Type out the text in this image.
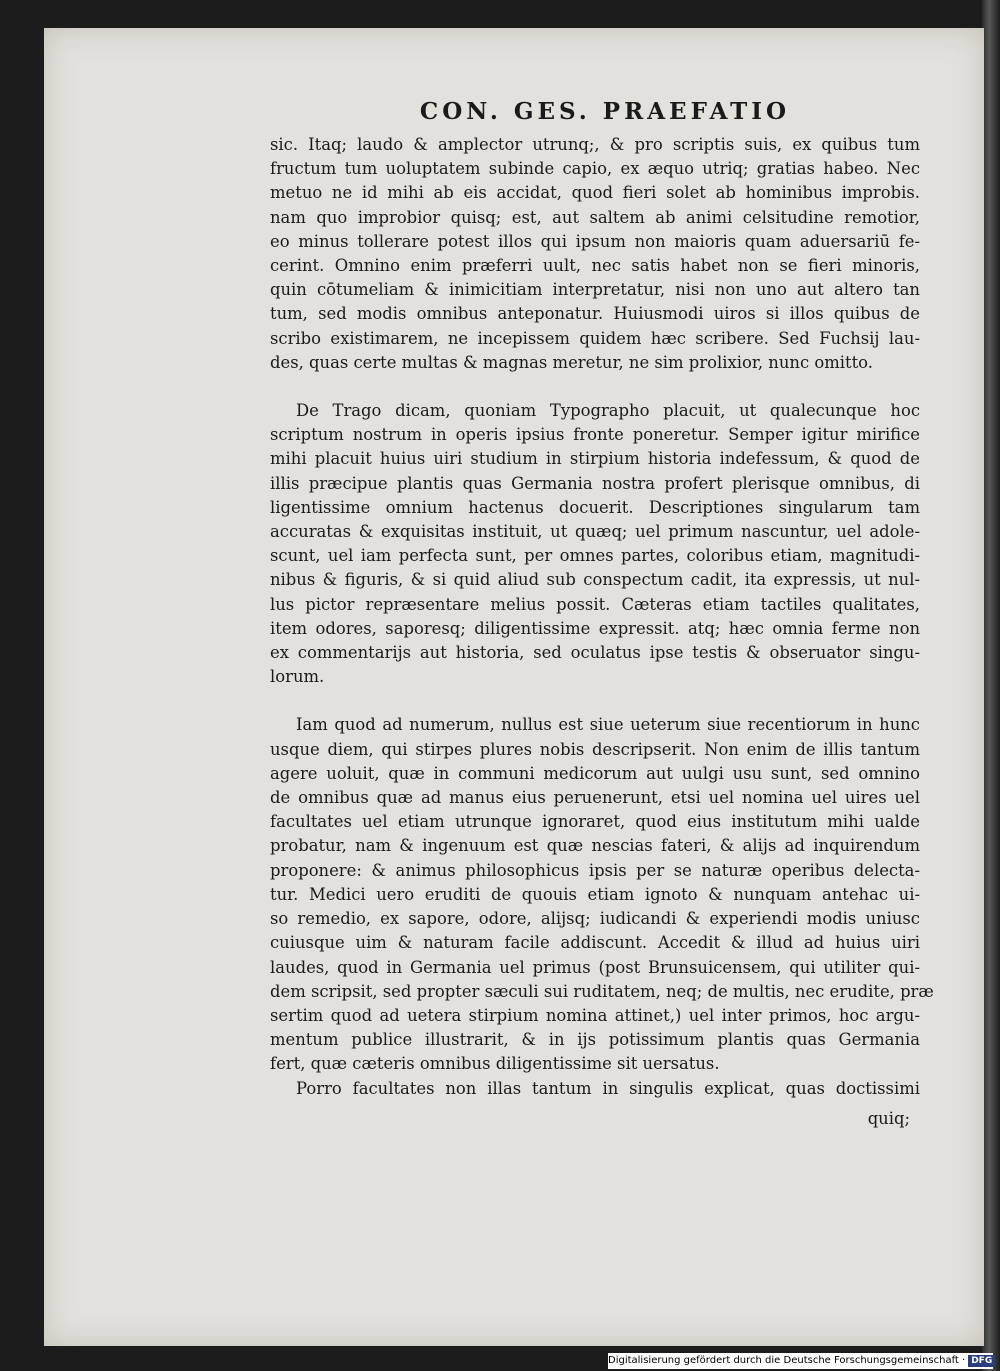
CON. GES. PRAEFATIO
sic. Itaq; laudo & amplector utrunq;, & pro scriptis suis, ex quibus tum
fructum tum uoluptatem subinde capio, ex æquo utriq; gratias habeo. Nec
metuo ne id mihi ab eis accidat, quod fieri solet ab hominibus improbis.
nam quo improbior quisq; est, aut saltem ab animi celsitudine remotior,
eo minus tollerare potest illos qui ipsum non maioris quam aduersariū fe-
cerint. Omnino enim præferri uult, nec satis habet non se fieri minoris,
quin cōtumeliam & inimicitiam interpretatur, nisi non uno aut altero tan
tum, sed modis omnibus anteponatur. Huiusmodi uiros si illos quibus de
scribo existimarem, ne incepissem quidem hæc scribere. Sed Fuchsij lau-
des, quas certe multas & magnas meretur, ne sim prolixior, nunc omitto.
De Trago dicam, quoniam Typographo placuit, ut qualecunque hoc
scriptum nostrum in operis ipsius fronte poneretur. Semper igitur mirifice
mihi placuit huius uiri studium in stirpium historia indefessum, & quod de
illis præcipue plantis quas Germania nostra profert plerisque omnibus, di
ligentissime omnium hactenus docuerit. Descriptiones singularum tam
accuratas & exquisitas instituit, ut quæq; uel primum nascuntur, uel adole-
scunt, uel iam perfecta sunt, per omnes partes, coloribus etiam, magnitudi-
nibus & figuris, & si quid aliud sub conspectum cadit, ita expressis, ut nul-
lus pictor repræsentare melius possit. Cæteras etiam tactiles qualitates,
item odores, saporesq; diligentissime expressit. atq; hæc omnia ferme non
ex commentarijs aut historia, sed oculatus ipse testis & obseruator singu-
lorum.
Iam quod ad numerum, nullus est siue ueterum siue recentiorum in hunc
usque diem, qui stirpes plures nobis descripserit. Non enim de illis tantum
agere uoluit, quæ in communi medicorum aut uulgi usu sunt, sed omnino
de omnibus quæ ad manus eius peruenerunt, etsi uel nomina uel uires uel
facultates uel etiam utrunque ignoraret, quod eius institutum mihi ualde
probatur, nam & ingenuum est quæ nescias fateri, & alijs ad inquirendum
proponere: & animus philosophicus ipsis per se naturæ operibus delecta-
tur. Medici uero eruditi de quouis etiam ignoto & nunquam antehac ui-
so remedio, ex sapore, odore, alijsq; iudicandi & experiendi modis uniusc
cuiusque uim & naturam facile addiscunt. Accedit & illud ad huius uiri
laudes, quod in Germania uel primus (post Brunsuicensem, qui utiliter qui-
dem scripsit, sed propter sæculi sui ruditatem, neq; de multis, nec erudite, præ
sertim quod ad uetera stirpium nomina attinet,) uel inter primos, hoc argu-
mentum publice illustrarit, & in ijs potissimum plantis quas Germania
fert, quæ cæteris omnibus diligentissime sit uersatus.
Porro facultates non illas tantum in singulis explicat, quas doctissimi
quiq;
Digitalisierung gefördert durch die Deutsche Forschungsgemeinschaft · DFG
